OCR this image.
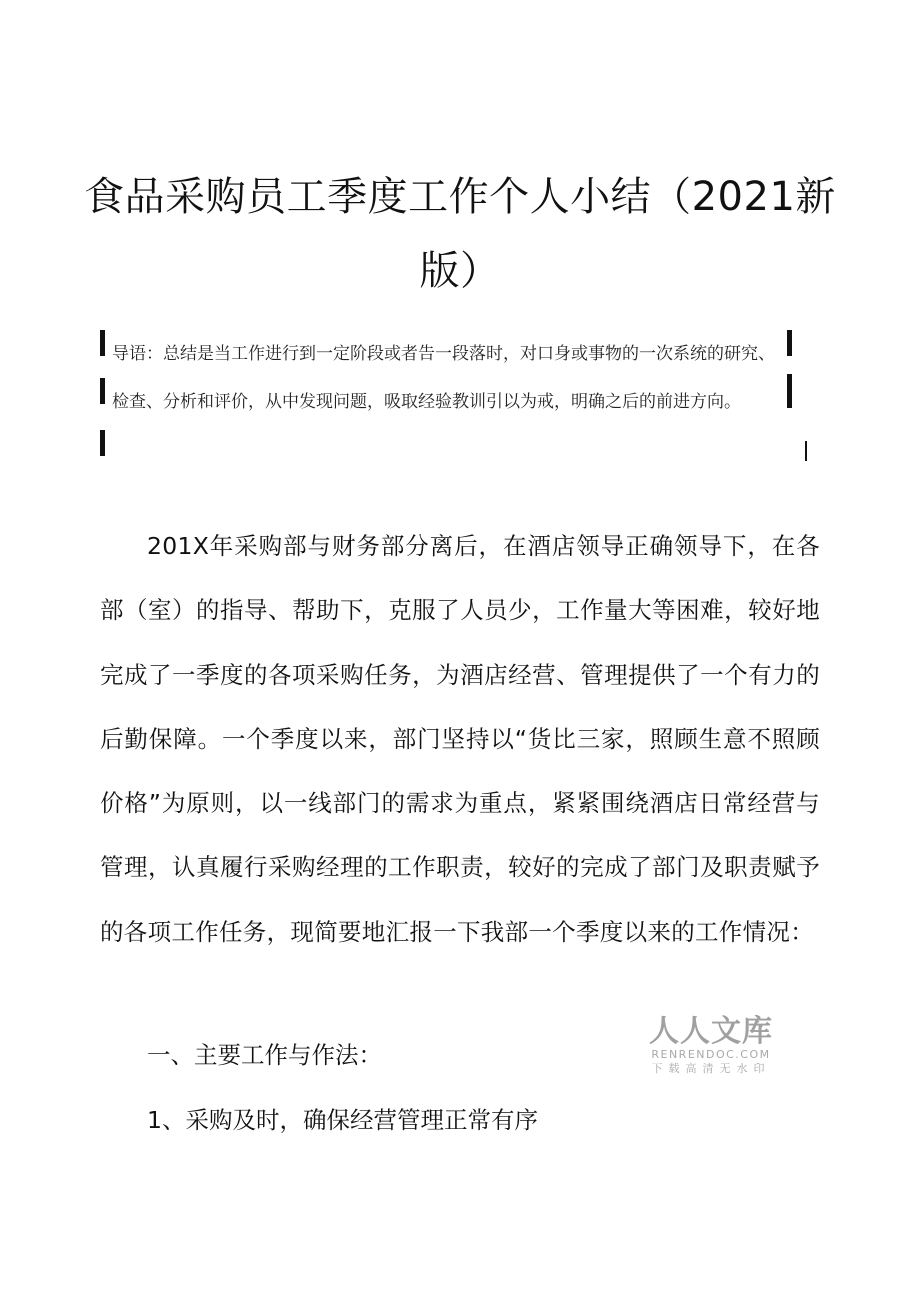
食品采购员工季度工作个人小结（2021新版）
导语：总结是当工作进行到一定阶段或者告一段落时，对口身或事物的一次系统的研究、检查、分析和评价，从中发现问题，吸取经验教训引以为戒，明确之后的前进方向。
201X年采购部与财务部分离后，在酒店领导正确领导下，在各部（室）的指导、帮助下，克服了人员少，工作量大等困难，较好地完成了一季度的各项采购任务，为酒店经营、管理提供了一个有力的后勤保障。一个季度以来，部门坚持以“货比三家，照顾生意不照顾价格”为原则，以一线部门的需求为重点，紧紧围绕酒店日常经营与管理，认真履行采购经理的工作职责，较好的完成了部门及职责赋予的各项工作任务，现简要地汇报一下我部一个季度以来的工作情况：
一、主要工作与作法：
人人文库
RENRENDOC.COM
下载高清无水印
1、采购及时，确保经营管理正常有序
